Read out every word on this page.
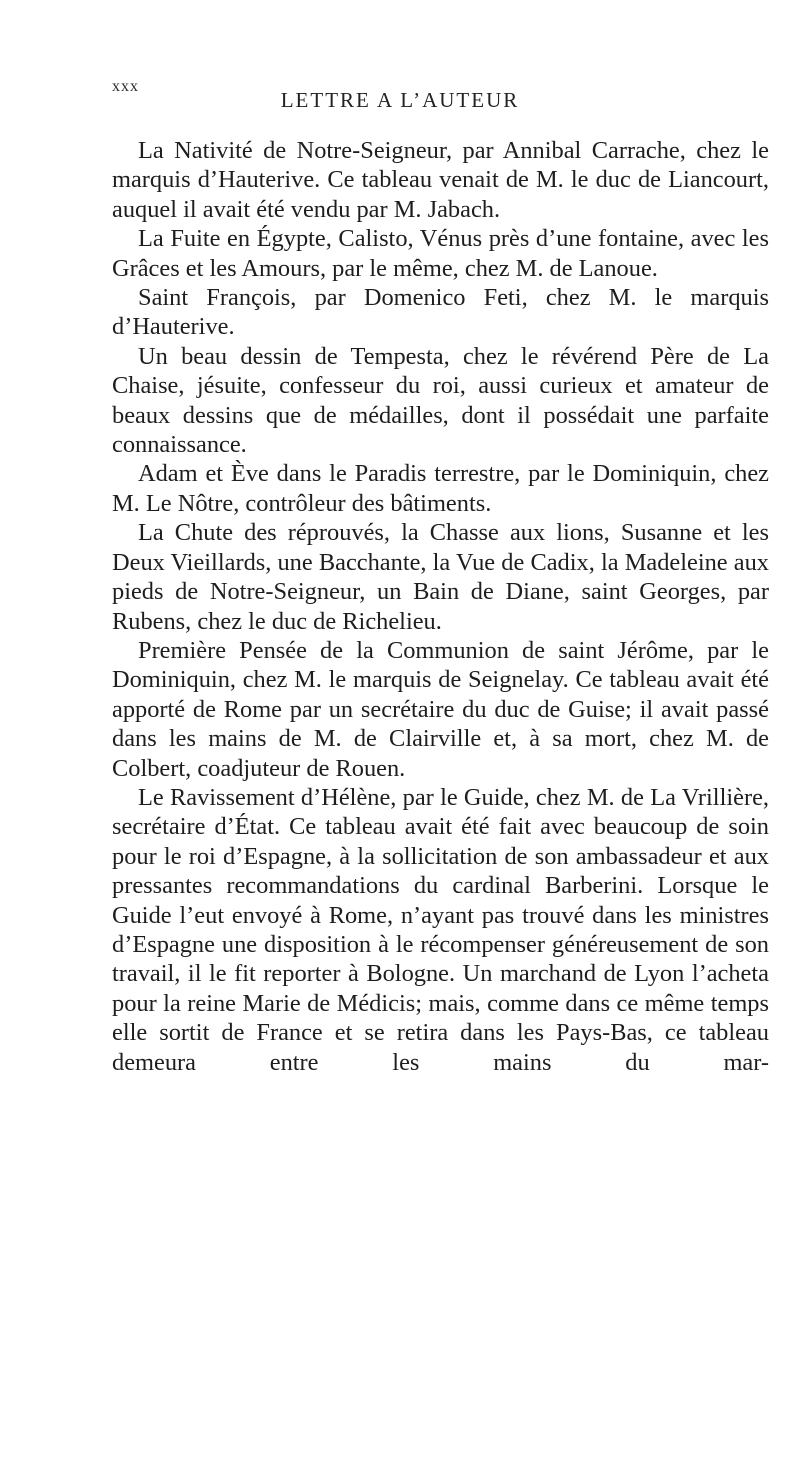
xxx
LETTRE A L’AUTEUR

La Nativité de Notre-Seigneur, par Annibal Carrache, chez le marquis d’Hauterive. Ce tableau venait de M. le duc de Liancourt, auquel il avait été vendu par M. Jabach.

La Fuite en Égypte, Calisto, Vénus près d’une fontaine, avec les Grâces et les Amours, par le même, chez M. de Lanoue.

Saint François, par Domenico Feti, chez M. le marquis d’Hauterive.

Un beau dessin de Tempesta, chez le révérend Père de La Chaise, jésuite, confesseur du roi, aussi curieux et amateur de beaux dessins que de médailles, dont il possédait une parfaite connaissance.

Adam et Ève dans le Paradis terrestre, par le Dominiquin, chez M. Le Nôtre, contrôleur des bâtiments.

La Chute des réprouvés, la Chasse aux lions, Susanne et les Deux Vieillards, une Bacchante, la Vue de Cadix, la Madeleine aux pieds de Notre-Seigneur, un Bain de Diane, saint Georges, par Rubens, chez le duc de Richelieu.

Première Pensée de la Communion de saint Jérôme, par le Dominiquin, chez M. le marquis de Seignelay. Ce tableau avait été apporté de Rome par un secrétaire du duc de Guise; il avait passé dans les mains de M. de Clairville et, à sa mort, chez M. de Colbert, coadjuteur de Rouen.

Le Ravissement d’Hélène, par le Guide, chez M. de La Vrillière, secrétaire d’État. Ce tableau avait été fait avec beaucoup de soin pour le roi d’Espagne, à la sollicitation de son ambassadeur et aux pressantes recommandations du cardinal Barberini. Lorsque le Guide l’eut envoyé à Rome, n’ayant pas trouvé dans les ministres d’Espagne une disposition à le récompenser généreusement de son travail, il le fit reporter à Bologne. Un marchand de Lyon l’acheta pour la reine Marie de Médicis; mais, comme dans ce même temps elle sortit de France et se retira dans les Pays-Bas, ce tableau demeura entre les mains du mar-
